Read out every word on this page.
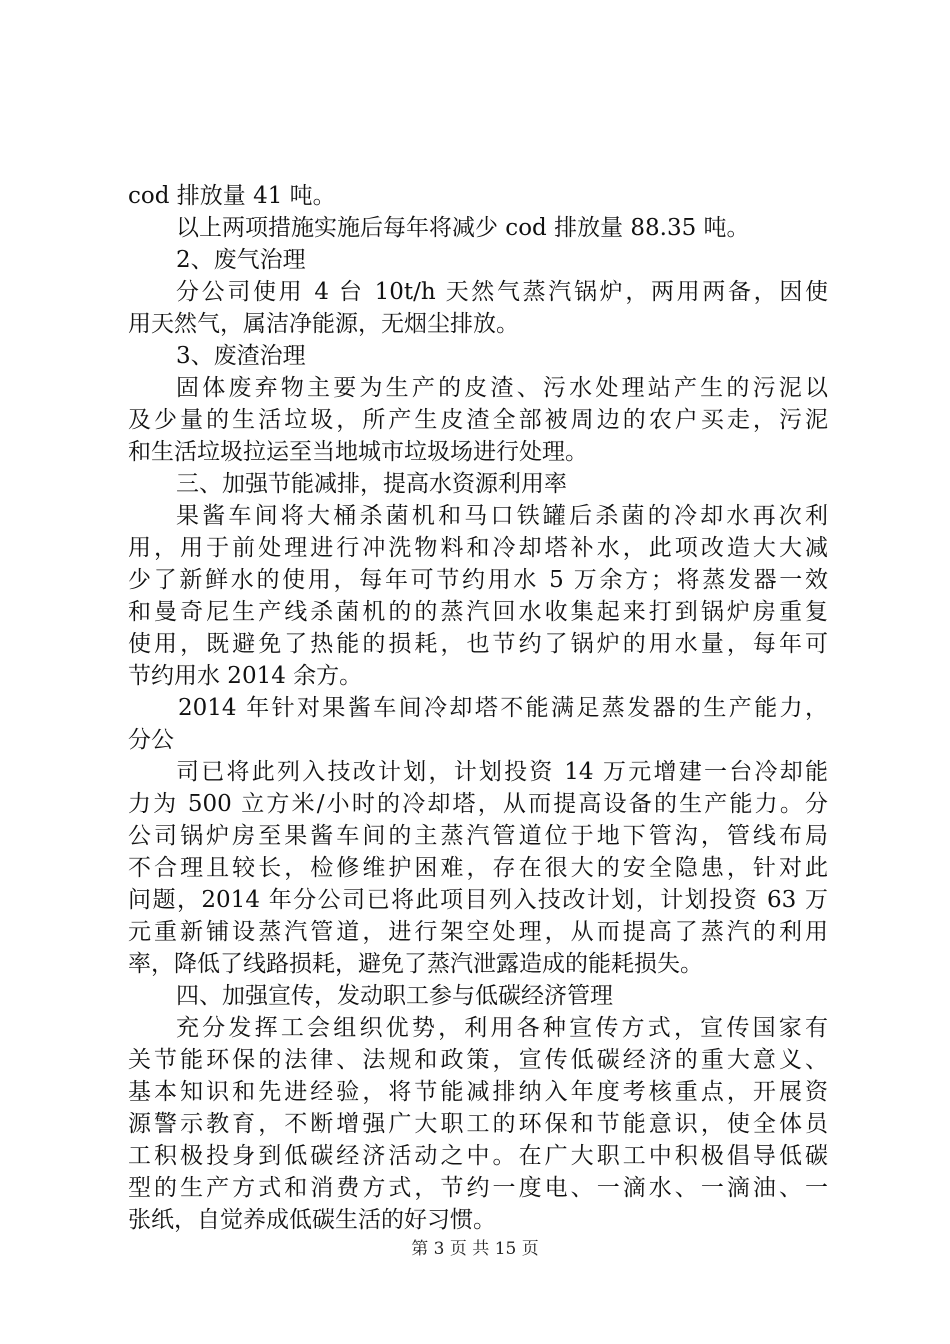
cod 排放量 41 吨。
以上两项措施实施后每年将减少 cod 排放量 88.35 吨。
2、废气治理
分公司使用 4 台 10t/h 天然气蒸汽锅炉，两用两备，因使
用天然气，属洁净能源，无烟尘排放。
3、废渣治理
固体废弃物主要为生产的皮渣、污水处理站产生的污泥以
及少量的生活垃圾，所产生皮渣全部被周边的农户买走，污泥
和生活垃圾拉运至当地城市垃圾场进行处理。
三、加强节能减排，提高水资源利用率
果酱车间将大桶杀菌机和马口铁罐后杀菌的冷却水再次利
用，用于前处理进行冲洗物料和冷却塔补水，此项改造大大减
少了新鲜水的使用，每年可节约用水 5 万余方；将蒸发器一效
和曼奇尼生产线杀菌机的的蒸汽回水收集起来打到锅炉房重复
使用，既避免了热能的损耗，也节约了锅炉的用水量，每年可
节约用水 2014 余方。
2014 年针对果酱车间冷却塔不能满足蒸发器的生产能力，
分公
司已将此列入技改计划，计划投资 14 万元增建一台冷却能
力为 500 立方米/小时的冷却塔，从而提高设备的生产能力。分
公司锅炉房至果酱车间的主蒸汽管道位于地下管沟，管线布局
不合理且较长，检修维护困难，存在很大的安全隐患，针对此
问题，2014 年分公司已将此项目列入技改计划，计划投资 63 万
元重新铺设蒸汽管道，进行架空处理，从而提高了蒸汽的利用
率，降低了线路损耗，避免了蒸汽泄露造成的能耗损失。
四、加强宣传，发动职工参与低碳经济管理
充分发挥工会组织优势，利用各种宣传方式，宣传国家有
关节能环保的法律、法规和政策，宣传低碳经济的重大意义、
基本知识和先进经验，将节能减排纳入年度考核重点，开展资
源警示教育，不断增强广大职工的环保和节能意识，使全体员
工积极投身到低碳经济活动之中。在广大职工中积极倡导低碳
型的生产方式和消费方式，节约一度电、一滴水、一滴油、一
张纸，自觉养成低碳生活的好习惯。
第 3 页 共 15 页
